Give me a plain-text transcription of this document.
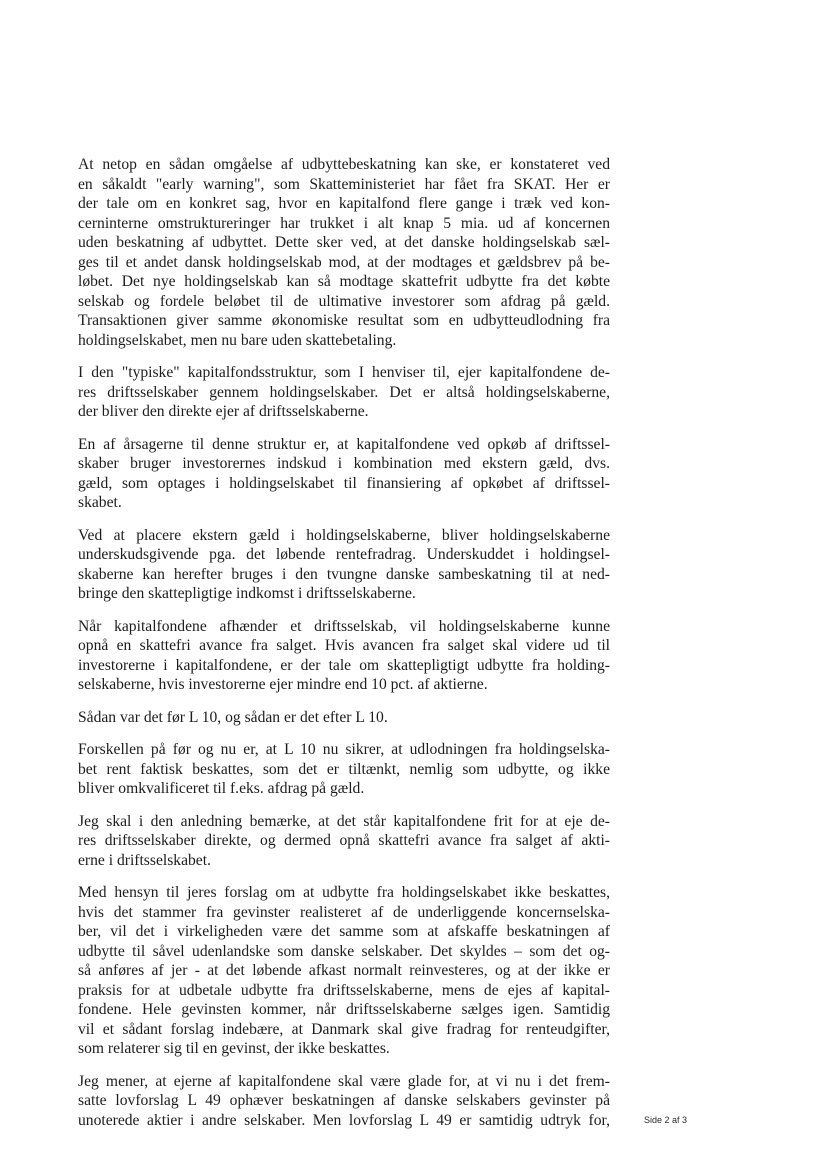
At netop en sådan omgåelse af udbyttebeskatning kan ske, er konstateret ved
en såkaldt "early warning", som Skatteministeriet har fået fra SKAT. Her er
der tale om en konkret sag, hvor en kapitalfond flere gange i træk ved kon-
cerninterne omstruktureringer har trukket i alt knap 5 mia. ud af koncernen
uden beskatning af udbyttet. Dette sker ved, at det danske holdingselskab sæl-
ges til et andet dansk holdingselskab mod, at der modtages et gældsbrev på be-
løbet. Det nye holdingselskab kan så modtage skattefrit udbytte fra det købte
selskab og fordele beløbet til de ultimative investorer som afdrag på gæld.
Transaktionen giver samme økonomiske resultat som en udbytteudlodning fra
holdingselskabet, men nu bare uden skattebetaling.
I den "typiske" kapitalfondsstruktur, som I henviser til, ejer kapitalfondene de-
res driftsselskaber gennem holdingselskaber. Det er altså holdingselskaberne,
der bliver den direkte ejer af driftsselskaberne.
En af årsagerne til denne struktur er, at kapitalfondene ved opkøb af driftssel-
skaber bruger investorernes indskud i kombination med ekstern gæld, dvs.
gæld, som optages i holdingselskabet til finansiering af opkøbet af driftssel-
skabet.
Ved at placere ekstern gæld i holdingselskaberne, bliver holdingselskaberne
underskudsgivende pga. det løbende rentefradrag. Underskuddet i holdingsel-
skaberne kan herefter bruges i den tvungne danske sambeskatning til at ned-
bringe den skattepligtige indkomst i driftsselskaberne.
Når kapitalfondene afhænder et driftsselskab, vil holdingselskaberne kunne
opnå en skattefri avance fra salget. Hvis avancen fra salget skal videre ud til
investorerne i kapitalfondene, er der tale om skattepligtigt udbytte fra holding-
selskaberne, hvis investorerne ejer mindre end 10 pct. af aktierne.
Sådan var det før L 10, og sådan er det efter L 10.
Forskellen på før og nu er, at L 10 nu sikrer, at udlodningen fra holdingselska-
bet rent faktisk beskattes, som det er tiltænkt, nemlig som udbytte, og ikke
bliver omkvalificeret til f.eks. afdrag på gæld.
Jeg skal i den anledning bemærke, at det står kapitalfondene frit for at eje de-
res driftsselskaber direkte, og dermed opnå skattefri avance fra salget af akti-
erne i driftsselskabet.
Med hensyn til jeres forslag om at udbytte fra holdingselskabet ikke beskattes,
hvis det stammer fra gevinster realisteret af de underliggende koncernselska-
ber, vil det i virkeligheden være det samme som at afskaffe beskatningen af
udbytte til såvel udenlandske som danske selskaber. Det skyldes – som det og-
så anføres af jer - at det løbende afkast normalt reinvesteres, og at der ikke er
praksis for at udbetale udbytte fra driftsselskaberne, mens de ejes af kapital-
fondene. Hele gevinsten kommer, når driftsselskaberne sælges igen. Samtidig
vil et sådant forslag indebære, at Danmark skal give fradrag for renteudgifter,
som relaterer sig til en gevinst, der ikke beskattes.
Jeg mener, at ejerne af kapitalfondene skal være glade for, at vi nu i det frem-
satte lovforslag L 49 ophæver beskatningen af danske selskabers gevinster på
unoterede aktier i andre selskaber. Men lovforslag L 49 er samtidig udtryk for,	Side 2 af 3
